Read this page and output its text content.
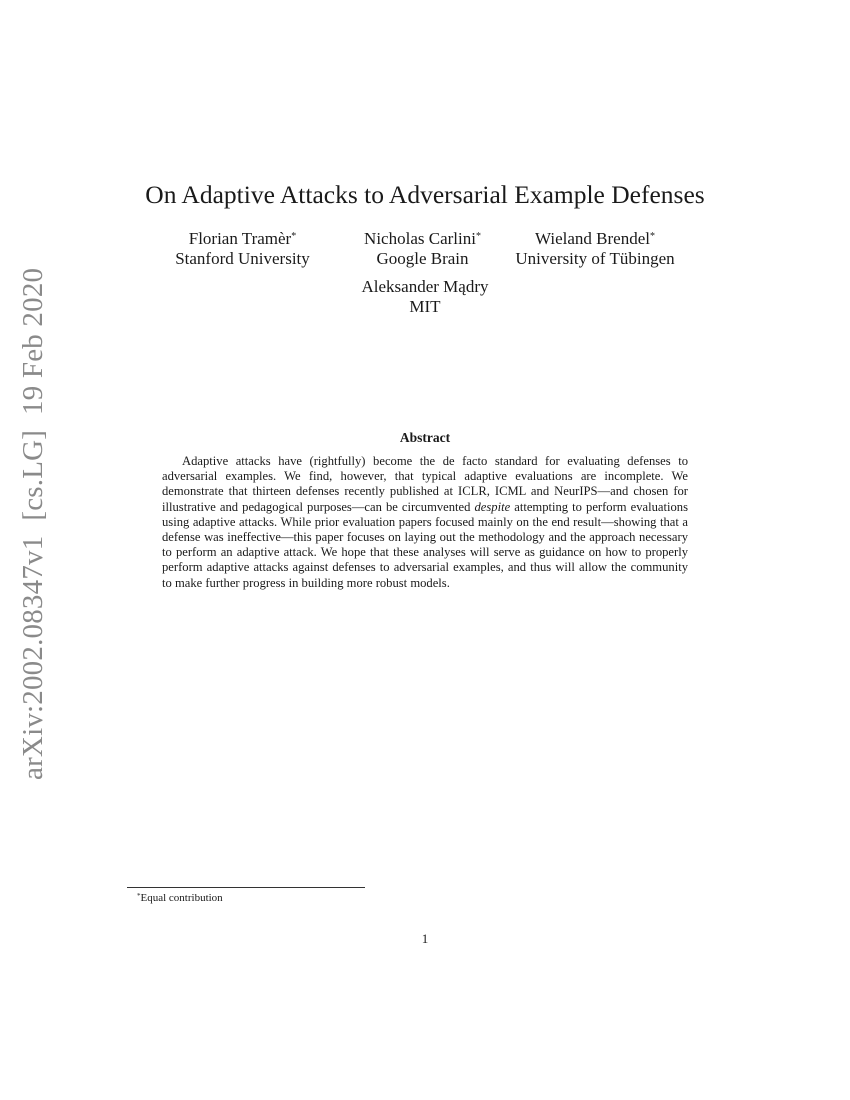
arXiv:2002.08347v1  [cs.LG]  19 Feb 2020
On Adaptive Attacks to Adversarial Example Defenses
Florian Tramèr*
Stanford University
Nicholas Carlini*
Google Brain
Wieland Brendel*
University of Tübingen
Aleksander Mądry
MIT
Abstract
Adaptive attacks have (rightfully) become the de facto standard for evaluating defenses to adversarial examples. We find, however, that typical adaptive evaluations are incomplete. We demonstrate that thirteen defenses recently published at ICLR, ICML and NeurIPS—and chosen for illustrative and pedagogical purposes—can be circumvented despite attempting to perform evaluations using adaptive attacks. While prior evaluation papers focused mainly on the end result—showing that a defense was ineffective—this paper focuses on laying out the methodology and the approach necessary to perform an adaptive attack. We hope that these analyses will serve as guidance on how to properly perform adaptive attacks against defenses to adversarial examples, and thus will allow the community to make further progress in building more robust models.
*Equal contribution
1
